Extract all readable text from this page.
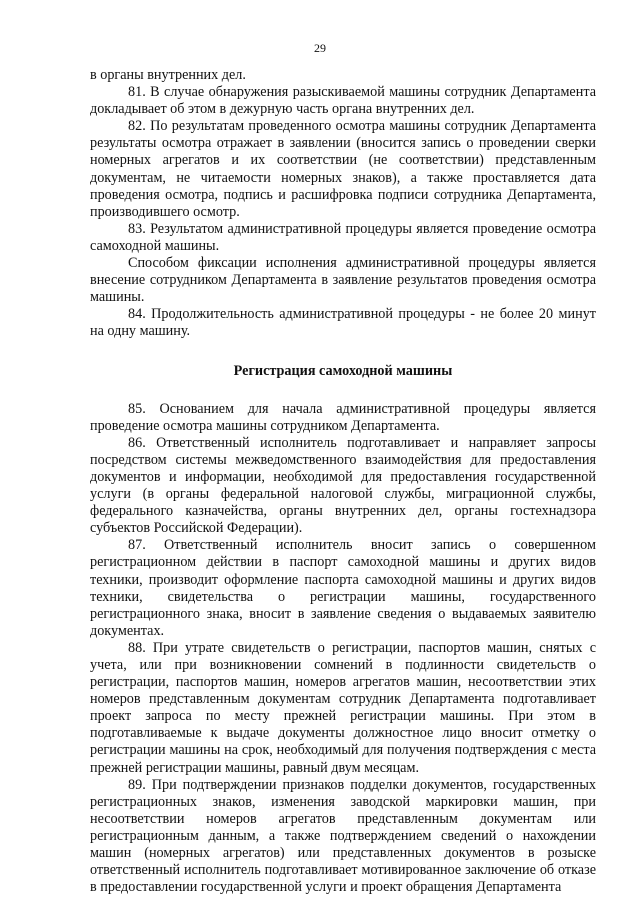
29

в органы внутренних дел.

81. В случае обнаружения разыскиваемой машины сотрудник Департамента докладывает об этом в дежурную часть органа внутренних дел.

82. По результатам проведенного осмотра машины сотрудник Департамента результаты осмотра отражает в заявлении (вносится запись о проведении сверки номерных агрегатов и их соответствии (не соответствии) представленным документам, не читаемости номерных знаков), а также проставляется дата проведения осмотра, подпись и расшифровка подписи сотрудника Департамента, производившего осмотр.

83. Результатом административной процедуры является проведение осмотра самоходной машины.

Способом фиксации исполнения административной процедуры является внесение сотрудником Департамента в заявление результатов проведения осмотра машины.

84. Продолжительность административной процедуры - не более 20 минут на одну машину.

Регистрация самоходной машины

85. Основанием для начала административной процедуры является проведение осмотра машины сотрудником Департамента.

86. Ответственный исполнитель подготавливает и направляет запросы посредством системы межведомственного взаимодействия для предоставления документов и информации, необходимой для предоставления государственной услуги (в органы федеральной налоговой службы, миграционной службы, федерального казначейства, органы внутренних дел, органы гостехнадзора субъектов Российской Федерации).

87. Ответственный исполнитель вносит запись о совершенном регистрационном действии в паспорт самоходной машины и других видов техники, производит оформление паспорта самоходной машины и других видов техники, свидетельства о регистрации машины, государственного регистрационного знака, вносит в заявление сведения о выдаваемых заявителю документах.

88. При утрате свидетельств о регистрации, паспортов машин, снятых с учета, или при возникновении сомнений в подлинности свидетельств о регистрации, паспортов машин, номеров агрегатов машин, несоответствии этих номеров представленным документам сотрудник Департамента подготавливает проект запроса по месту прежней регистрации машины. При этом в подготавливаемые к выдаче документы должностное лицо вносит отметку о регистрации машины на срок, необходимый для получения подтверждения с места прежней регистрации машины, равный двум месяцам.

89. При подтверждении признаков подделки документов, государственных регистрационных знаков, изменения заводской маркировки машин, при несоответствии номеров агрегатов представленным документам или регистрационным данным, а также подтверждением сведений о нахождении машин (номерных агрегатов) или представленных документов в розыске ответственный исполнитель подготавливает мотивированное заключение об отказе в предоставлении государственной услуги и проект обращения Департамента
